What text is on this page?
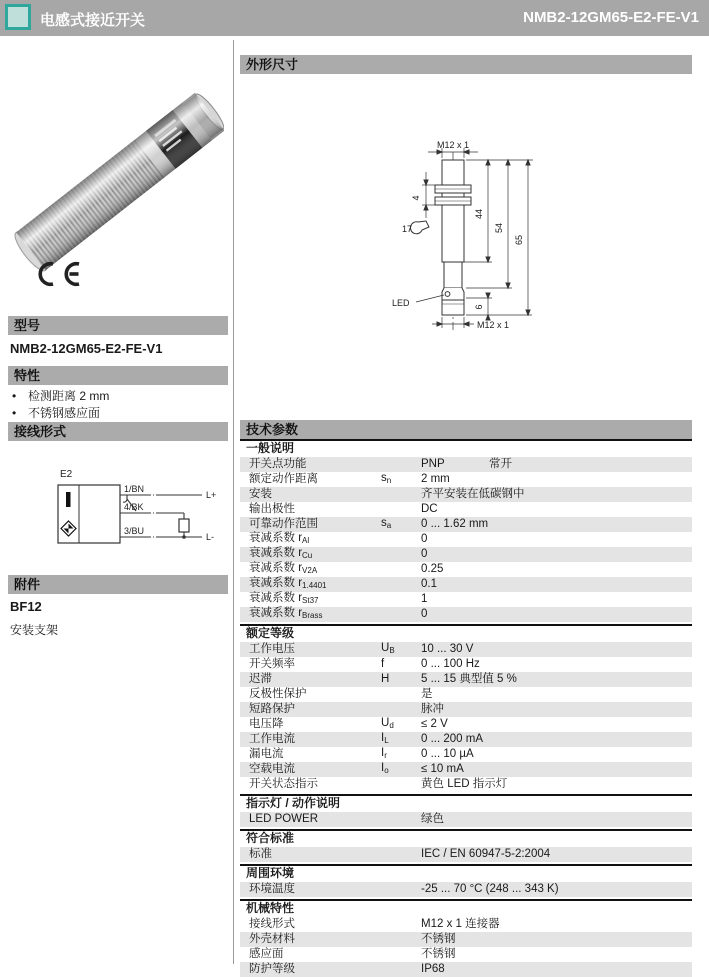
电感式接近开关	NMB2-12GM65-E2-FE-V1
型号
NMB2-12GM65-E2-FE-V1
特性
• 检测距离 2 mm
• 不锈钢感应面
接线形式
E2
1/BN
4/BK
3/BU
L+
L-
附件
BF12
安装支架
外形尺寸
M12 x 1
4
17
44
54
65
6
LED
M12 x 1
技术参数
一般说明
开关点功能	PNP	常开
额定动作距离	$s_n$	2 mm
安装	齐平安装在低碳钢中
输出极性	DC
可靠动作范围	$s_a$	0 ... 1.62 mm
衰减系数 $r_{Al}$	0
衰减系数 $r_{Cu}$	0
衰减系数 $r_{V2A}$	0.25
衰减系数 $r_{1.4401}$	0.1
衰减系数 $r_{St37}$	1
衰减系数 $r_{Brass}$	0
额定等级
工作电压	$U_B$	10 ... 30 V
开关频率	f	0 ... 100 Hz
迟滞	H	5 ... 15 典型值 5 %
反极性保护	是
短路保护	脉冲
电压降	$U_d$	≤ 2 V
工作电流	$I_L$	0 ... 200 mA
漏电流	$I_r$	0 ... 10 µA
空载电流	$I_o$	≤ 10 mA
开关状态指示	黄色 LED 指示灯
指示灯 / 动作说明
LED POWER	绿色
符合标准
标准	IEC / EN 60947-5-2:2004
周围环境
环境温度	-25 ... 70 °C (248 ... 343 K)
机械特性
接线形式	M12 x 1 连接器
外壳材料	不锈钢
感应面	不锈钢
防护等级	IP68
